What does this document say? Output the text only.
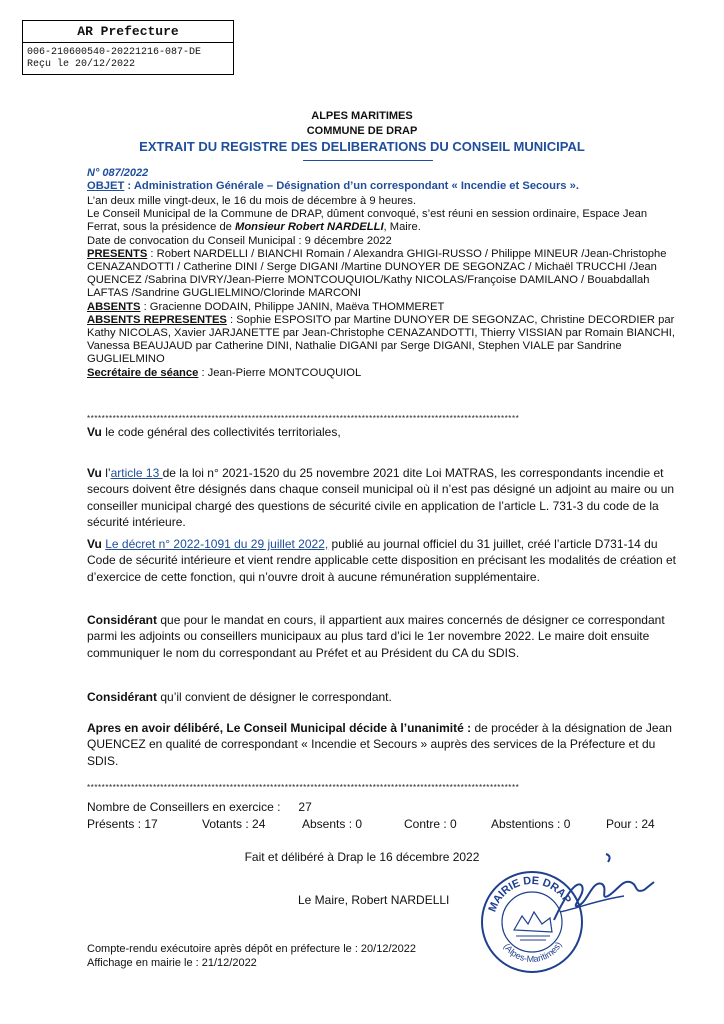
AR Prefecture
006-210600540-20221216-087-DE
Reçu le 20/12/2022
ALPES MARITIMES
COMMUNE DE DRAP
EXTRAIT DU REGISTRE DES DELIBERATIONS DU CONSEIL MUNICIPAL
N° 087/2022
OBJET : Administration Générale – Désignation d’un correspondant « Incendie et Secours ».
L’an deux mille vingt-deux, le 16 du mois de décembre à 9 heures.
Le Conseil Municipal de la Commune de DRAP, dûment convoqué, s’est réuni en session ordinaire, Espace Jean Ferrat, sous la présidence de Monsieur Robert NARDELLI, Maire.
Date de convocation du Conseil Municipal : 9 décembre 2022
PRESENTS : Robert NARDELLI / BIANCHI Romain / Alexandra GHIGI-RUSSO / Philippe MINEUR /Jean-Christophe CENAZANDOTTI / Catherine DINI / Serge DIGANI /Martine DUNOYER DE SEGONZAC / Michaël TRUCCHI /Jean QUENCEZ /Sabrina DIVRY/Jean-Pierre MONTCOUQUIOL/Kathy NICOLAS/Françoise DAMILANO / Bouabdallah LAFTAS /Sandrine GUGLIELMINO/Clorinde MARCONI
ABSENTS : Gracienne DODAIN, Philippe JANIN, Maëva THOMMERET
ABSENTS REPRESENTES : Sophie ESPOSITO par Martine DUNOYER DE SEGONZAC, Christine DECORDIER par Kathy NICOLAS, Xavier JARJANETTE par Jean-Christophe CENAZANDOTTI, Thierry VISSIAN par Romain BIANCHI, Vanessa BEAUJAUD par Catherine DINI, Nathalie DIGANI par Serge DIGANI, Stephen VIALE par Sandrine GUGLIELMINO
Secrétaire de séance : Jean-Pierre MONTCOUQUIOL
**********************************************************************************************************************
Vu le code général des collectivités territoriales,
Vu l’article 13 de la loi n° 2021-1520 du 25 novembre 2021 dite Loi MATRAS, les correspondants incendie et secours doivent être désignés dans chaque conseil municipal où il n’est pas désigné un adjoint au maire ou un conseiller municipal chargé des questions de sécurité civile en application de l’article L. 731-3 du code de la sécurité intérieure.
Vu Le décret n° 2022-1091 du 29 juillet 2022, publié au journal officiel du 31 juillet, créé l’article D731-14 du Code de sécurité intérieure et vient rendre applicable cette disposition en précisant les modalités de création et d’exercice de cette fonction, qui n’ouvre droit à aucune rémunération supplémentaire.
Considérant que pour le mandat en cours, il appartient aux maires concernés de désigner ce correspondant parmi les adjoints ou conseillers municipaux au plus tard d’ici le 1er novembre 2022. Le maire doit ensuite communiquer le nom du correspondant au Préfet et au Président du CA du SDIS.
Considérant qu’il convient de désigner le correspondant.
Apres en avoir délibéré, Le Conseil Municipal décide à l’unanimité : de procéder à la désignation de Jean QUENCEZ en qualité de correspondant « Incendie et Secours » auprès des services de la Préfecture et du SDIS.
**********************************************************************************************************************
Nombre de Conseillers en exercice : 27
Présents : 17	Votants : 24	Absents : 0	Contre : 0	Abstentions : 0	Pour : 24
Fait et délibéré à Drap le 16 décembre 2022
Le Maire, Robert NARDELLI
MAIRIE DE DRAP
(Alpes-Maritimes)
Compte-rendu exécutoire après dépôt en préfecture le : 20/12/2022
Affichage en mairie le : 21/12/2022
